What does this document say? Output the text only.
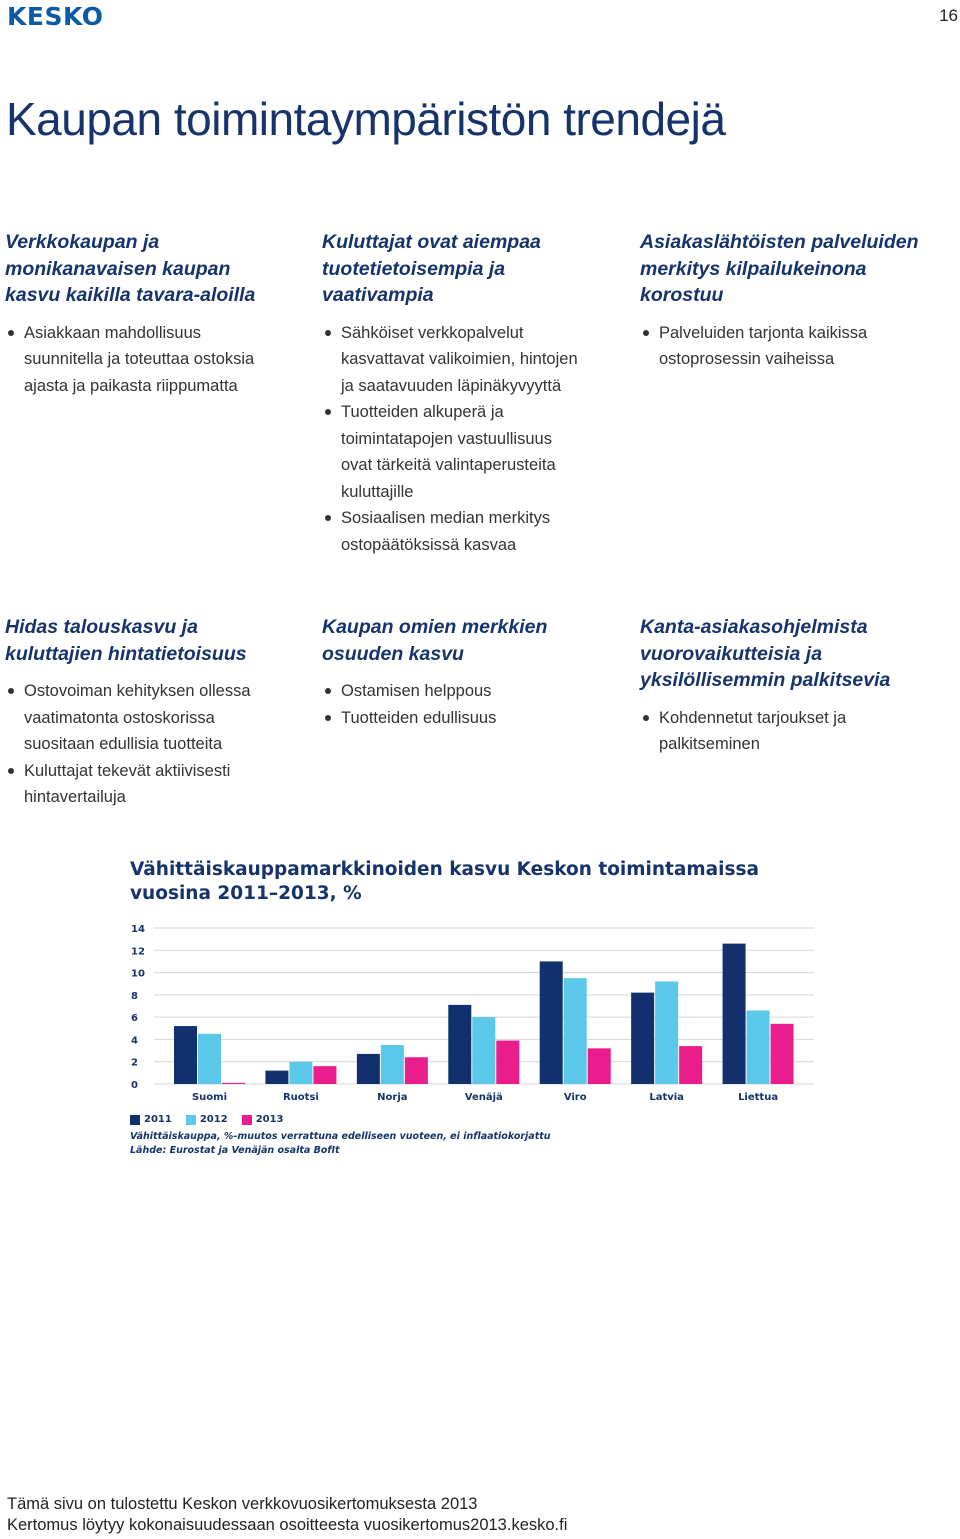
KESKO	16
Kaupan toimintaympäristön trendejä
Verkkokaupan ja
monikanavaisen kaupan
kasvu kaikilla tavara-aloilla
Asiakkaan mahdollisuus
suunnitella ja toteuttaa ostoksia
ajasta ja paikasta riippumatta
Kuluttajat ovat aiempaa
tuotetietoisempia ja
vaativampia
Sähköiset verkkopalvelut
kasvattavat valikoimien, hintojen
ja saatavuuden läpinäkyvyyttä
Tuotteiden alkuperä ja
toimintatapojen vastuullisuus
ovat tärkeitä valintaperusteita
kuluttajille
Sosiaalisen median merkitys
ostopäätöksissä kasvaa
Asiakaslähtöisten palveluiden
merkitys kilpailukeinona
korostuu
Palveluiden tarjonta kaikissa
ostoprosessin vaiheissa
Hidas talouskasvu ja
kuluttajien hintatietoisuus
Ostovoiman kehityksen ollessa
vaatimatonta ostoskorissa
suositaan edullisia tuotteita
Kuluttajat tekevät aktiivisesti
hintavertailuja
Kaupan omien merkkien
osuuden kasvu
Ostamisen helppous
Tuotteiden edullisuus
Kanta-asiakasohjelmista
vuorovaikutteisia ja
yksilöllisemmin palkitsevia
Kohdennetut tarjoukset ja
palkitseminen
Vähittäiskauppamarkkinoiden kasvu Keskon toimintamaissa
vuosina 2011–2013, %
0
2
4
6
8
10
12
14
Suomi	Ruotsi	Norja	Venäjä	Viro	Latvia	Liettua
2011	2012	2013
Vähittäiskauppa, %-muutos verrattuna edelliseen vuoteen, ei inflaatiokorjattu
Lähde: Eurostat ja Venäjän osalta BofIt
Tämä sivu on tulostettu Keskon verkkovuosikertomuksesta 2013
Kertomus löytyy kokonaisuudessaan osoitteesta vuosikertomus2013.kesko.fi
